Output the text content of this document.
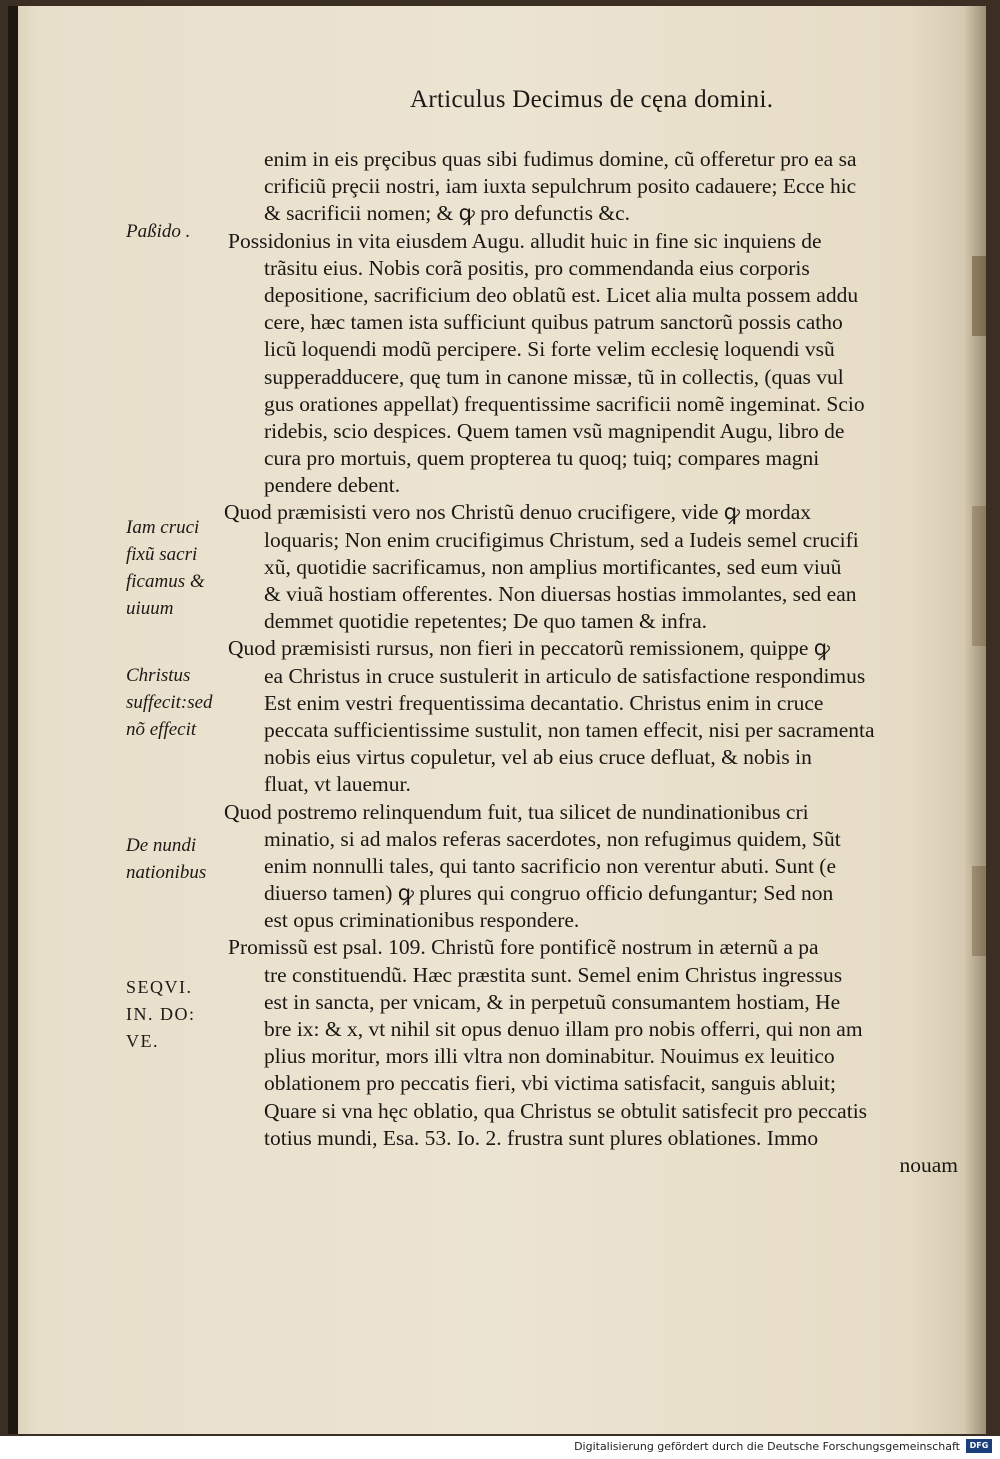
Articulus Decimus de cęna domini.
Paßido .
Iam cruci
fixũ sacri
ficamus &
uiuum
Christus
suffecit:sed
nõ effecit
De nundi
nationibus
SEQVI.
IN. DO:
VE.
enim in eis prȩcibus quas sibi fudimus domine, cũ offeretur pro ea sa
crificiũ prȩcii nostri, iam iuxta sepulchrum posito cadauere; Ecce hic
& sacrificii nomen; & ꝙ pro defunctis &c.
Possidonius in vita eiusdem Augu. alludit huic in fine sic inquiens de
trãsitu eius. Nobis corã positis, pro commendanda eius corporis
depositione, sacrificium deo oblatũ est. Licet alia multa possem addu
cere, hæc tamen ista sufficiunt quibus patrum sanctorũ possis catho
licũ loquendi modũ percipere. Si forte velim ecclesię loquendi vsũ
supperadducere, quę tum in canone missæ, tũ in collectis, (quas vul
gus orationes appellat) frequentissime sacrificii nomẽ ingeminat. Scio
ridebis, scio despices. Quem tamen vsũ magnipendit Augu, libro de
cura pro mortuis, quem propterea tu quoq; tuiq; compares magni
pendere debent.
Quod præmisisti vero nos Christũ denuo crucifigere, vide ꝙ mordax
loquaris; Non enim crucifigimus Christum, sed a Iudeis semel crucifi
xũ, quotidie sacrificamus, non amplius mortificantes, sed eum viuũ
& viuã hostiam offerentes. Non diuersas hostias immolantes, sed ean
demmet quotidie repetentes; De quo tamen & infra.
Quod præmisisti rursus, non fieri in peccatorũ remissionem, quippe ꝙ
ea Christus in cruce sustulerit in articulo de satisfactione respondimus
Est enim vestri frequentissima decantatio. Christus enim in cruce
peccata sufficientissime sustulit, non tamen effecit, nisi per sacramenta
nobis eius virtus copuletur, vel ab eius cruce defluat, & nobis in
fluat, vt lauemur.
Quod postremo relinquendum fuit, tua silicet de nundinationibus cri
minatio, si ad malos referas sacerdotes, non refugimus quidem, Sũt
enim nonnulli tales, qui tanto sacrificio non verentur abuti. Sunt (e
diuerso tamen) ꝙ plures qui congruo officio defungantur; Sed non
est opus criminationibus respondere.
Promissũ est psal. 109. Christũ fore pontificẽ nostrum in æternũ a pa
tre constituendũ. Hæc præstita sunt. Semel enim Christus ingressus
est in sancta, per vnicam, & in perpetuũ consumantem hostiam, He
bre ix: & x, vt nihil sit opus denuo illam pro nobis offerri, qui non am
plius moritur, mors illi vltra non dominabitur. Nouimus ex leuitico
oblationem pro peccatis fieri, vbi victima satisfacit, sanguis abluit;
Quare si vna hęc oblatio, qua Christus se obtulit satisfecit pro peccatis
totius mundi, Esa. 53. Io. 2. frustra sunt plures oblationes. Immo
nouam
Digitalisierung gefördert durch die Deutsche Forschungsgemeinschaft	DFG
